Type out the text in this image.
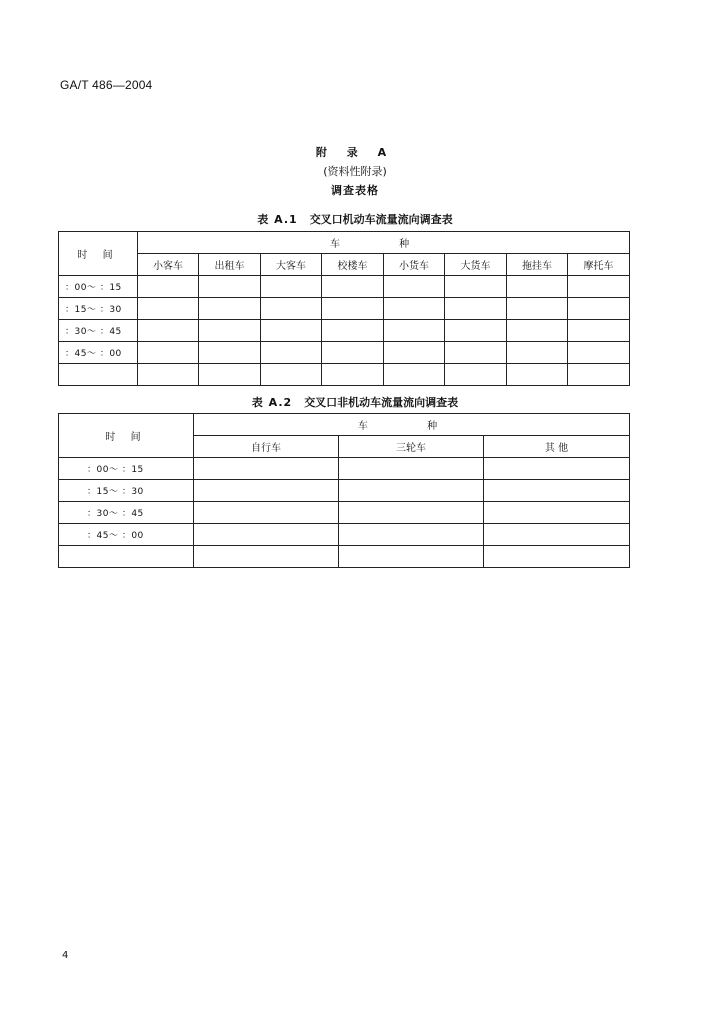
GA/T 486—2004
附 录 A
(资料性附录)
调查表格
表 A.1 交叉口机动车流量流向调查表
时 间	车 种							
	小客车	出租车	大客车	校楼车	小货车	大货车	拖挂车	摩托车
：00～ ：15								
：15～ ：30								
：30～ ：45								
：45～ ：00								

表 A.2 交叉口非机动车流量流向调查表
时 间	车 种		
	自行车	三轮车	其 他
：00～ ：15			
：15～ ：30			
：30～ ：45			
：45～ ：00			

4
